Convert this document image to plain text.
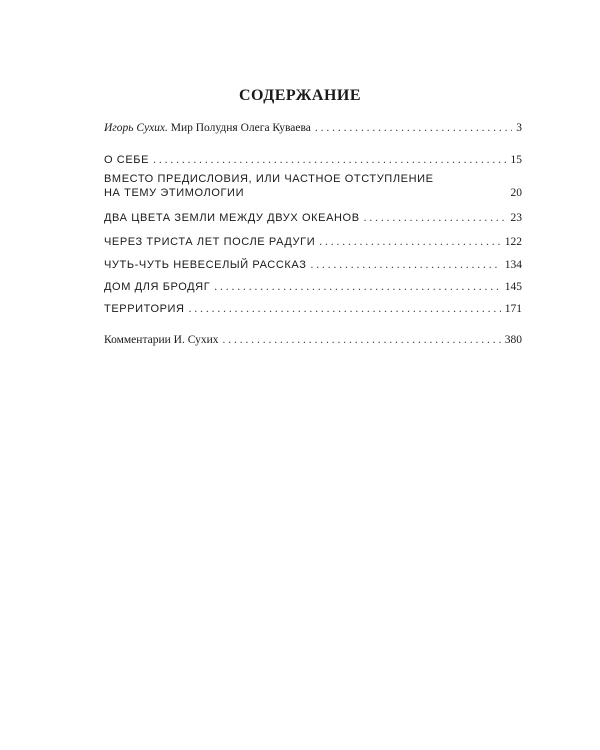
СОДЕРЖАНИЕ
Игорь Сухих. Мир Полудня Олега Куваева . . .	3
О СЕБЕ . . .	15
ВМЕСТО ПРЕДИСЛОВИЯ, ИЛИ ЧАСТНОЕ ОТСТУПЛЕНИЕ
НА ТЕМУ ЭТИМОЛОГИИ	20
ДВА ЦВЕТА ЗЕМЛИ МЕЖДУ ДВУХ ОКЕАНОВ . . .	23
ЧЕРЕЗ ТРИСТА ЛЕТ ПОСЛЕ РАДУГИ . . .	122
ЧУТЬ-ЧУТЬ НЕВЕСЕЛЫЙ РАССКАЗ . . .	134
ДОМ ДЛЯ БРОДЯГ . . .	145
ТЕРРИТОРИЯ . . .	171
Комментарии И. Сухих . . .	380
